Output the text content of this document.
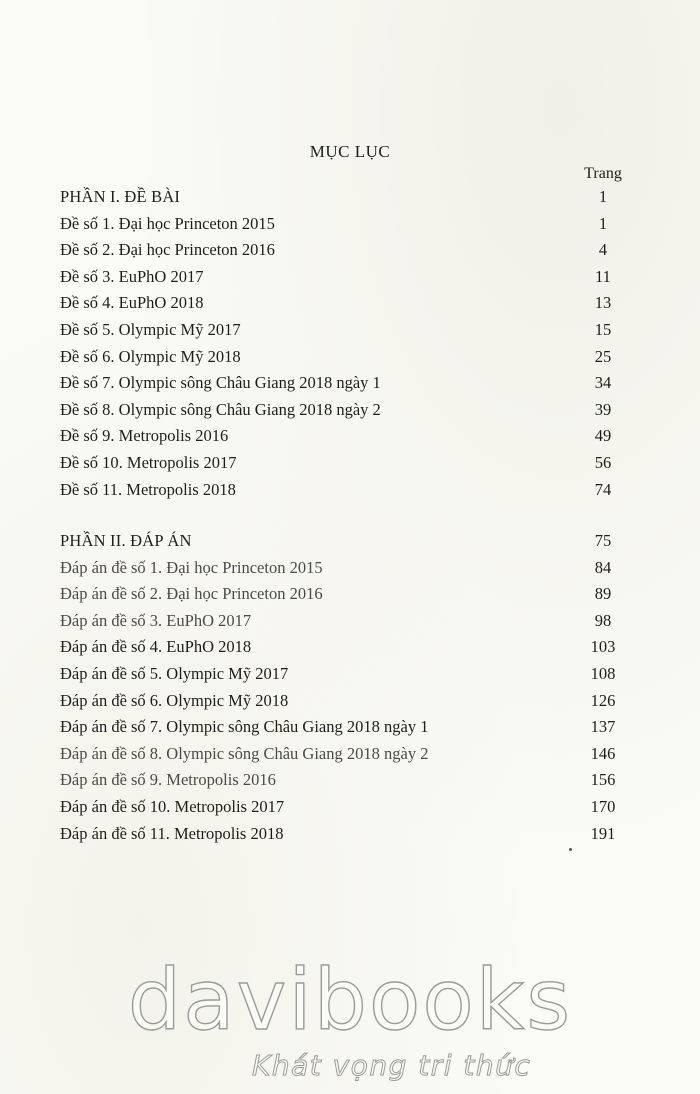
MỤC LỤC
Trang
PHẦN I. ĐỀ BÀI	1
Đề số 1. Đại học Princeton 2015	1
Đề số 2. Đại học Princeton 2016	4
Đề số 3. EuPhO 2017	11
Đề số 4. EuPhO 2018	13
Đề số 5. Olympic Mỹ 2017	15
Đề số 6. Olympic Mỹ 2018	25
Đề số 7. Olympic sông Châu Giang 2018 ngày 1	34
Đề số 8. Olympic sông Châu Giang 2018 ngày 2	39
Đề số 9. Metropolis 2016	49
Đề số 10. Metropolis 2017	56
Đề số 11. Metropolis 2018	74
PHẦN II. ĐÁP ÁN	75
Đáp án đề số 1. Đại học Princeton 2015	84
Đáp án đề số 2. Đại học Princeton 2016	89
Đáp án đề số 3. EuPhO 2017	98
Đáp án đề số 4. EuPhO 2018	103
Đáp án đề số 5. Olympic Mỹ 2017	108
Đáp án đề số 6. Olympic Mỹ 2018	126
Đáp án đề số 7. Olympic sông Châu Giang 2018 ngày 1	137
Đáp án đề số 8. Olympic sông Châu Giang 2018 ngày 2	146
Đáp án đề số 9. Metropolis 2016	156
Đáp án đề số 10. Metropolis 2017	170
Đáp án đề số 11. Metropolis 2018	191
davibooks
Khát vọng tri thức
